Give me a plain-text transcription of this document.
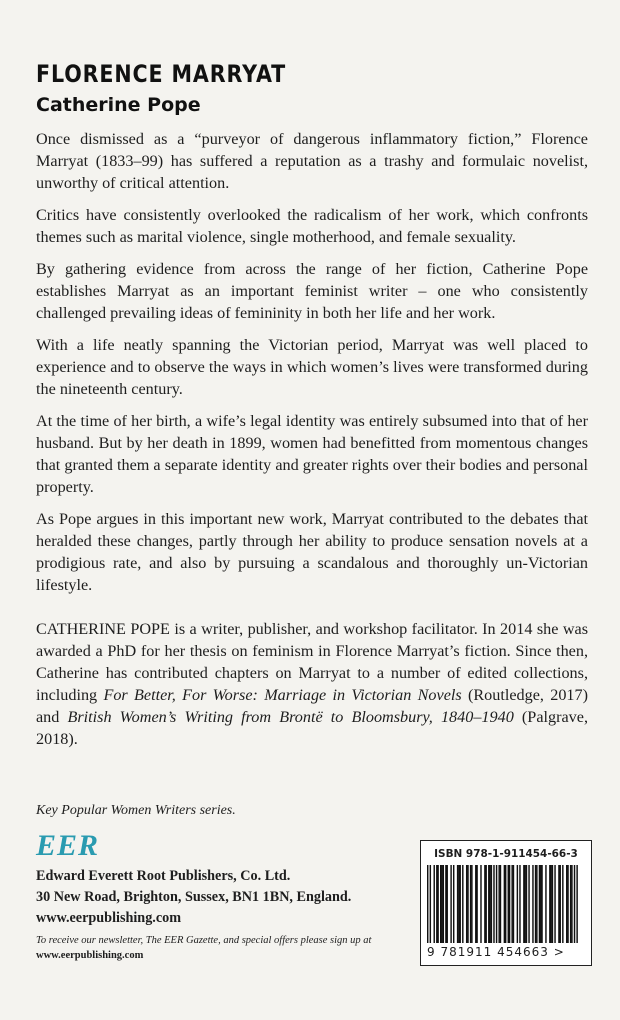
FLORENCE MARRYAT
Catherine Pope

Once dismissed as a “purveyor of dangerous inflammatory fiction,” Florence Marryat (1833–99) has suffered a reputation as a trashy and formulaic novelist, unworthy of critical attention.

Critics have consistently overlooked the radicalism of her work, which confronts themes such as marital violence, single motherhood, and female sexuality.

By gathering evidence from across the range of her fiction, Catherine Pope establishes Marryat as an important feminist writer – one who consistently challenged prevailing ideas of femininity in both her life and her work.

With a life neatly spanning the Victorian period, Marryat was well placed to experience and to observe the ways in which women’s lives were transformed during the nineteenth century.

At the time of her birth, a wife’s legal identity was entirely subsumed into that of her husband. But by her death in 1899, women had benefitted from momentous changes that granted them a separate identity and greater rights over their bodies and personal property.

As Pope argues in this important new work, Marryat contributed to the debates that heralded these changes, partly through her ability to produce sensation novels at a prodigious rate, and also by pursuing a scandalous and thoroughly un-Victorian lifestyle.

CATHERINE POPE is a writer, publisher, and workshop facilitator. In 2014 she was awarded a PhD for her thesis on feminism in Florence Marryat’s fiction. Since then, Catherine has contributed chapters on Marryat to a number of edited collections, including For Better, For Worse: Marriage in Victorian Novels (Routledge, 2017) and British Women’s Writing from Brontë to Bloomsbury, 1840–1940 (Palgrave, 2018).

Key Popular Women Writers series.
EER
Edward Everett Root Publishers, Co. Ltd.
30 New Road, Brighton, Sussex, BN1 1BN, England.
www.eerpublishing.com
To receive our newsletter, The EER Gazette, and special offers please sign up at
www.eerpublishing.com
ISBN 978-1-911454-66-3
9 781911 454663 >
